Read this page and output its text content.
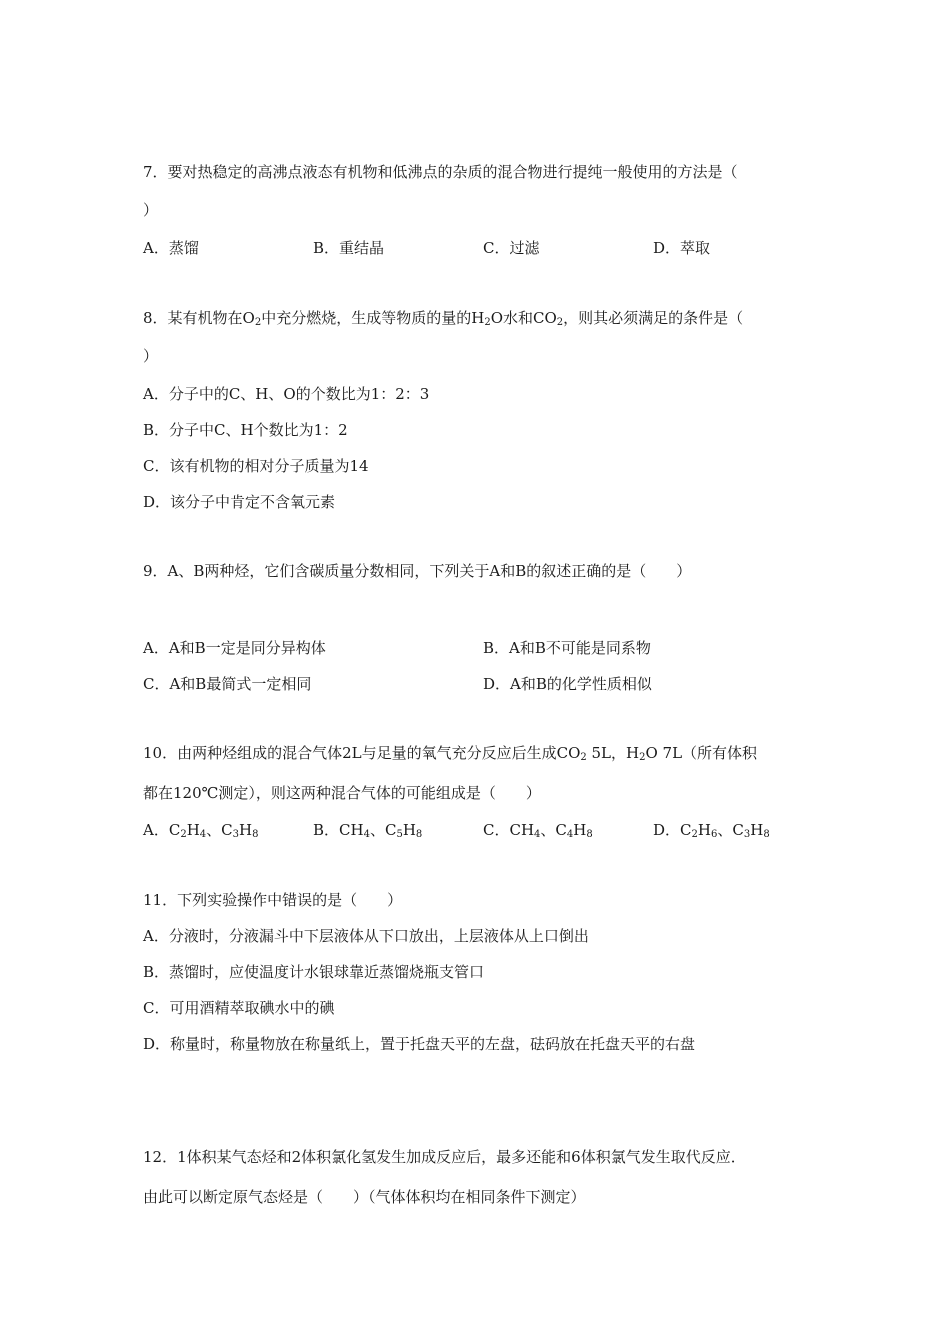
7．要对热稳定的高沸点液态有机物和低沸点的杂质的混合物进行提纯一般使用的方法是（
）
A．蒸馏	B．重结晶	C．过滤	D．萃取
8．某有机物在$O_2$中充分燃烧，生成等物质的量的$H_2O$水和$CO_2$，则其必须满足的条件是（
）
A．分子中的C、H、O的个数比为1：2：3
B．分子中C、H个数比为1：2
C．该有机物的相对分子质量为14
D．该分子中肯定不含氧元素
9．A、B两种烃，它们含碳质量分数相同，下列关于A和B的叙述正确的是（　　）
A．A和B一定是同分异构体	B．A和B不可能是同系物
C．A和B最简式一定相同	D．A和B的化学性质相似
10．由两种烃组成的混合气体2L与足量的氧气充分反应后生成$CO_2$ 5L，$H_2O$ 7L（所有体积
都在120℃测定），则这两种混合气体的可能组成是（　　）
A．$C_2H_4$、$C_3H_8$	B．$CH_4$、$C_5H_8$	C．$CH_4$、$C_4H_8$	D．$C_2H_6$、$C_3H_8$
11．下列实验操作中错误的是（　　）
A．分液时，分液漏斗中下层液体从下口放出，上层液体从上口倒出
B．蒸馏时，应使温度计水银球靠近蒸馏烧瓶支管口
C．可用酒精萃取碘水中的碘
D．称量时，称量物放在称量纸上，置于托盘天平的左盘，砝码放在托盘天平的右盘
12．1体积某气态烃和2体积氯化氢发生加成反应后，最多还能和6体积氯气发生取代反应．
由此可以断定原气态烃是（　　）（气体体积均在相同条件下测定）
